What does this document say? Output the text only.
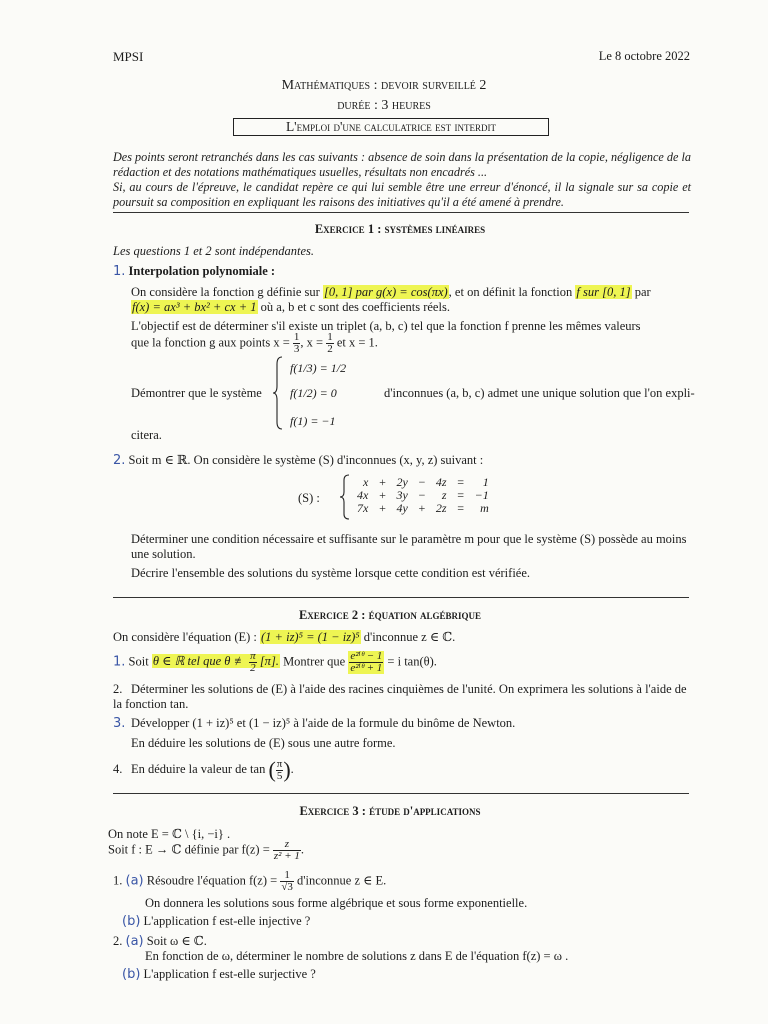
MPSI	Le 8 octobre 2022
Mathématiques : devoir surveillé 2
durée : 3 heures
L'emploi d'une calculatrice est interdit
Des points seront retranchés dans les cas suivants : absence de soin dans la présentation de la copie, négligence de la rédaction et des notations mathématiques usuelles, résultats non encadrés ...
Si, au cours de l'épreuve, le candidat repère ce qui lui semble être une erreur d'énoncé, il la signale sur sa copie et poursuit sa composition en expliquant les raisons des initiatives qu'il a été amené à prendre.
Exercice 1 : systèmes linéaires
Les questions 1 et 2 sont indépendantes.
1. Interpolation polynomiale :
On considère la fonction g définie sur [0, 1] par g(x) = cos(πx), et on définit la fonction f sur [0, 1] par
f(x) = ax³ + bx² + cx + 1 où a, b et c sont des coefficients réels.
L'objectif est de déterminer s'il existe un triplet (a, b, c) tel que la fonction f prenne les mêmes valeurs
que la fonction g aux points $x = \frac{1}{3}$ , $x = \frac{1}{2}$ et x = 1.
Démontrer que le système
f(1/3) = 1/2
f(1/2) = 0
f(1) = −1
d'inconnues (a, b, c) admet une unique solution que l'on expli-
citera.
2. Soit m ∈ ℝ. On considère le système (S) d'inconnues (x, y, z) suivant :
(S) :
x	+	2y	−	4z	=	1
4x	+	3y	−	z	=	−1
7x	+	4y	+	2z	=	m
Déterminer une condition nécessaire et suffisante sur le paramètre m pour que le système (S) possède au moins une solution.
Décrire l'ensemble des solutions du système lorsque cette condition est vérifiée.
Exercice 2 : équation algébrique
On considère l'équation (E) : (1 + iz)⁵ = (1 − iz)⁵ d'inconnue z ∈ ℂ.
1. Soit θ ∈ ℝ tel que θ ≢ $\frac{\pi}{2} [\pi]$. Montrer que $\frac{\text{e²ⁱᶿ − 1}}{\text{e²ⁱᶿ + 1}} = i$ tan(θ).
2. Déterminer les solutions de (E) à l'aide des racines cinquièmes de l'unité. On exprimera les solutions à l'aide de la fonction tan.
3. Développer (1 + iz)⁵ et (1 − iz)⁵ à l'aide de la formule du binôme de Newton.
En déduire les solutions de (E) sous une autre forme.
4. En déduire la valeur de tan ( $\frac{\pi}{5}$ ).
Exercice 3 : étude d'applications
On note E = ℂ \ {i, −i} .
Soit f : E → ℂ définie par $f(z) = \frac{z}{\text{z² + 1}}$ .
1. (a) Résoudre l'équation $f(z) = \frac{1}{√3}$ d'inconnue z ∈ E.
On donnera les solutions sous forme algébrique et sous forme exponentielle.
(b) L'application f est-elle injective ?
2. (a) Soit ω ∈ ℂ.
En fonction de ω, déterminer le nombre de solutions z dans E de l'équation f(z) = ω .
(b) L'application f est-elle surjective ?
